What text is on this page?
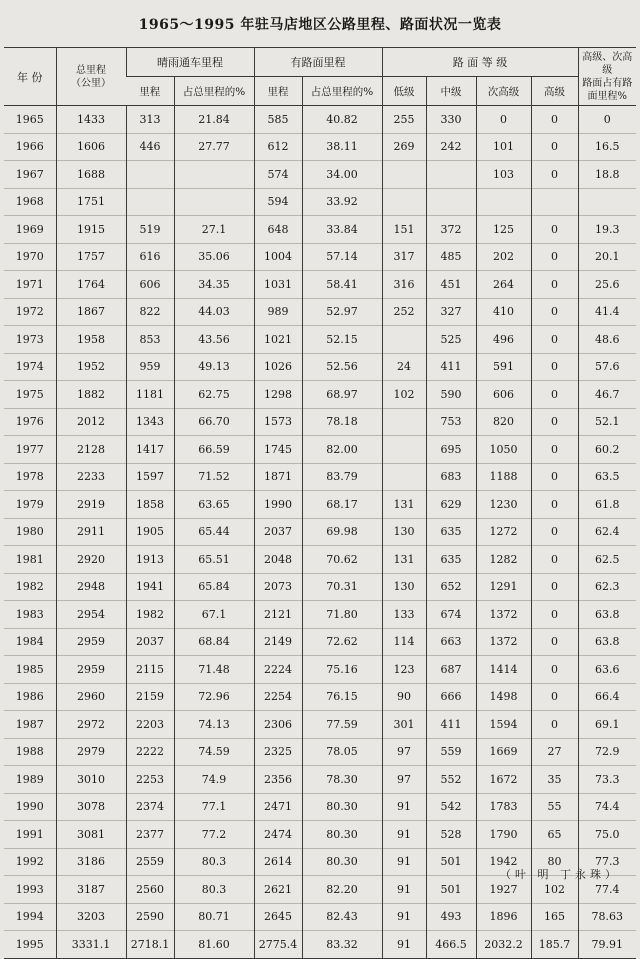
1965～1995 年驻马店地区公路里程、路面状况一览表
年 份	总里程
（公里）	晴雨通车里程		有路面里程		路 面 等 级				高级、次高级
路面占有路
面里程%
		里程	占总里程的%	里程	占总里程的%	低级	中级	次高级	高级	
1965	1433	313	21.84	585	40.82	255	330	0	0	0
1966	1606	446	27.77	612	38.11	269	242	101	0	16.5
1967	1688			574	34.00			103	0	18.8
1968	1751			594	33.92					
1969	1915	519	27.1	648	33.84	151	372	125	0	19.3
1970	1757	616	35.06	1004	57.14	317	485	202	0	20.1
1971	1764	606	34.35	1031	58.41	316	451	264	0	25.6
1972	1867	822	44.03	989	52.97	252	327	410	0	41.4
1973	1958	853	43.56	1021	52.15		525	496	0	48.6
1974	1952	959	49.13	1026	52.56	24	411	591	0	57.6
1975	1882	1181	62.75	1298	68.97	102	590	606	0	46.7
1976	2012	1343	66.70	1573	78.18		753	820	0	52.1
1977	2128	1417	66.59	1745	82.00		695	1050	0	60.2
1978	2233	1597	71.52	1871	83.79		683	1188	0	63.5
1979	2919	1858	63.65	1990	68.17	131	629	1230	0	61.8
1980	2911	1905	65.44	2037	69.98	130	635	1272	0	62.4
1981	2920	1913	65.51	2048	70.62	131	635	1282	0	62.5
1982	2948	1941	65.84	2073	70.31	130	652	1291	0	62.3
1983	2954	1982	67.1	2121	71.80	133	674	1372	0	63.8
1984	2959	2037	68.84	2149	72.62	114	663	1372	0	63.8
1985	2959	2115	71.48	2224	75.16	123	687	1414	0	63.6
1986	2960	2159	72.96	2254	76.15	90	666	1498	0	66.4
1987	2972	2203	74.13	2306	77.59	301	411	1594	0	69.1
1988	2979	2222	74.59	2325	78.05	97	559	1669	27	72.9
1989	3010	2253	74.9	2356	78.30	97	552	1672	35	73.3
1990	3078	2374	77.1	2471	80.30	91	542	1783	55	74.4
1991	3081	2377	77.2	2474	80.30	91	528	1790	65	75.0
1992	3186	2559	80.3	2614	80.30	91	501	1942	80	77.3
1993	3187	2560	80.3	2621	82.20	91	501	1927	102	77.4
1994	3203	2590	80.71	2645	82.43	91	493	1896	165	78.63
1995	3331.1	2718.1	81.60	2775.4	83.32	91	466.5	2032.2	185.7	79.91
（叶 明 丁永珠）
